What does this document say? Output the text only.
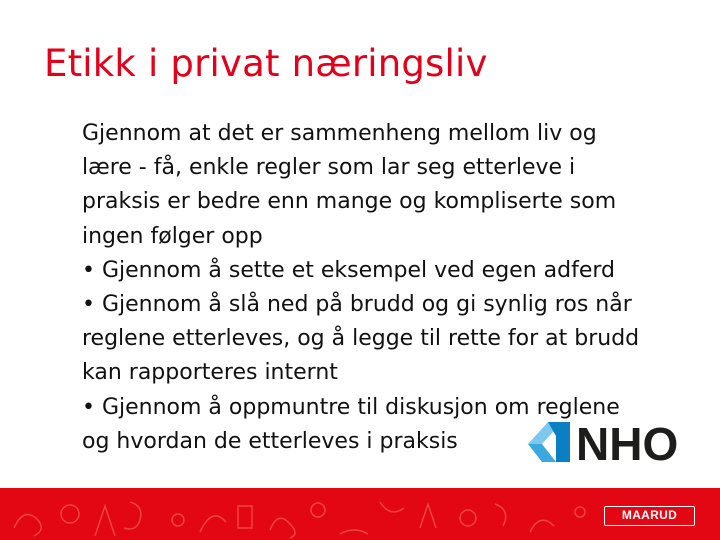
Etikk i privat næringsliv
Gjennom at det er sammenheng mellom liv og
lære - få, enkle regler som lar seg etterleve i
praksis er bedre enn mange og kompliserte som
ingen følger opp
• Gjennom å sette et eksempel ved egen adferd
• Gjennom å slå ned på brudd og gi synlig ros når
reglene etterleves, og å legge til rette for at brudd
kan rapporteres internt
• Gjennom å oppmuntre til diskusjon om reglene
og hvordan de etterleves i praksis	NHO
MAARUD
